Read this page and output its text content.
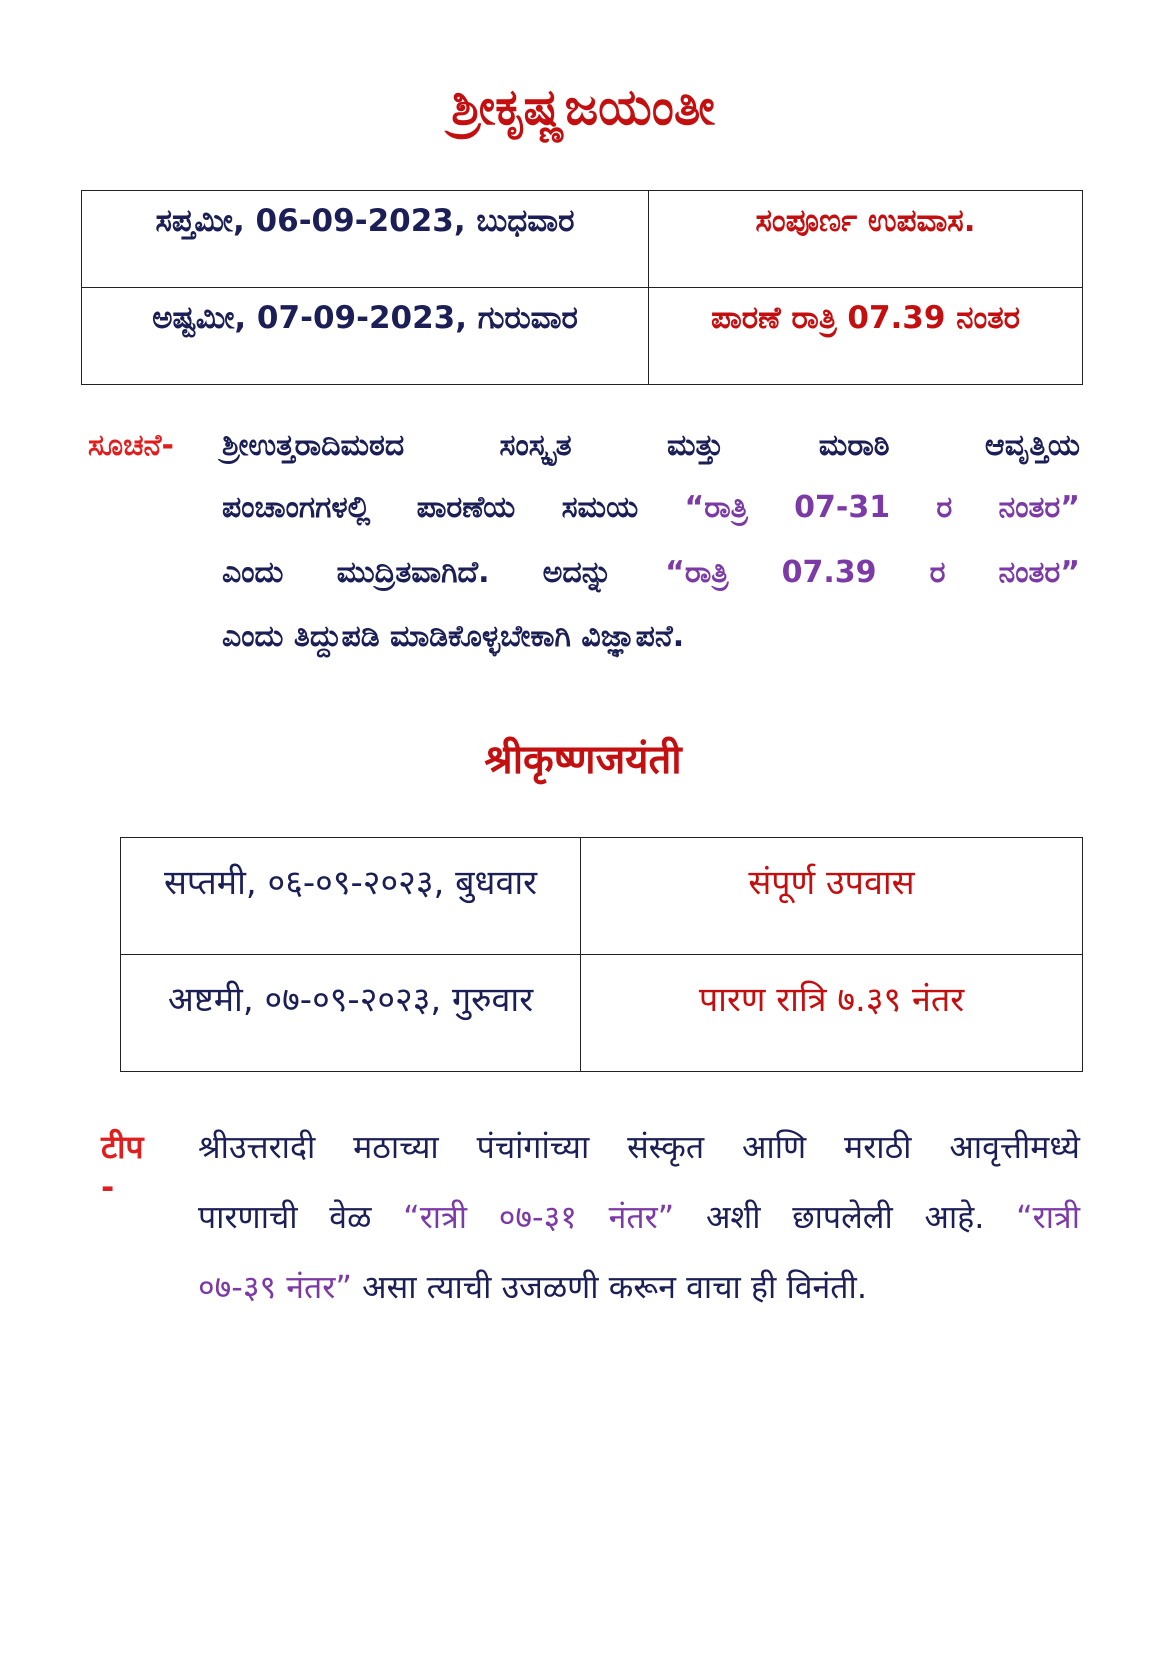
ಶ್ರೀಕೃಷ್ಣಜಯಂತೀ
ಸಪ್ತಮೀ, 06-09-2023, ಬುಧವಾರ	ಸಂಪೂರ್ಣ ಉಪವಾಸ.
ಅಷ್ಟಮೀ, 07-09-2023, ಗುರುವಾರ	ಪಾರಣೆ ರಾತ್ರಿ 07.39 ನಂತರ
ಸೂಚನೆ- ಶ್ರೀಉತ್ತರಾದಿಮಠದ ಸಂಸ್ಕೃತ ಮತ್ತು ಮರಾಠಿ ಆವೃತ್ತಿಯ
ಪಂಚಾಂಗಗಳಲ್ಲಿ ಪಾರಣೆಯ ಸಮಯ “ರಾತ್ರಿ 07-31 ರ ನಂತರ”
ಎಂದು ಮುದ್ರಿತವಾಗಿದೆ. ಅದನ್ನು “ರಾತ್ರಿ 07.39 ರ ನಂತರ”
ಎಂದು ತಿದ್ದುಪಡಿ ಮಾಡಿಕೊಳ್ಳಬೇಕಾಗಿ ವಿಜ್ಞಾಪನೆ.
श्रीकृष्णजयंती
सप्तमी, ०६-०९-२०२३, बुधवार	संपूर्ण उपवास
अष्टमी, ०७-०९-२०२३, गुरुवार	पारण रात्रि ७.३९ नंतर
टीप -
श्रीउत्तरादी मठाच्या पंचांगांच्या संस्कृत आणि मराठी आवृत्तीमध्ये
पारणाची वेळ “रात्री ०७-३१ नंतर” अशी छापलेली आहे. “रात्री
०७-३९ नंतर” असा त्याची उजळणी करून वाचा ही विनंती.
